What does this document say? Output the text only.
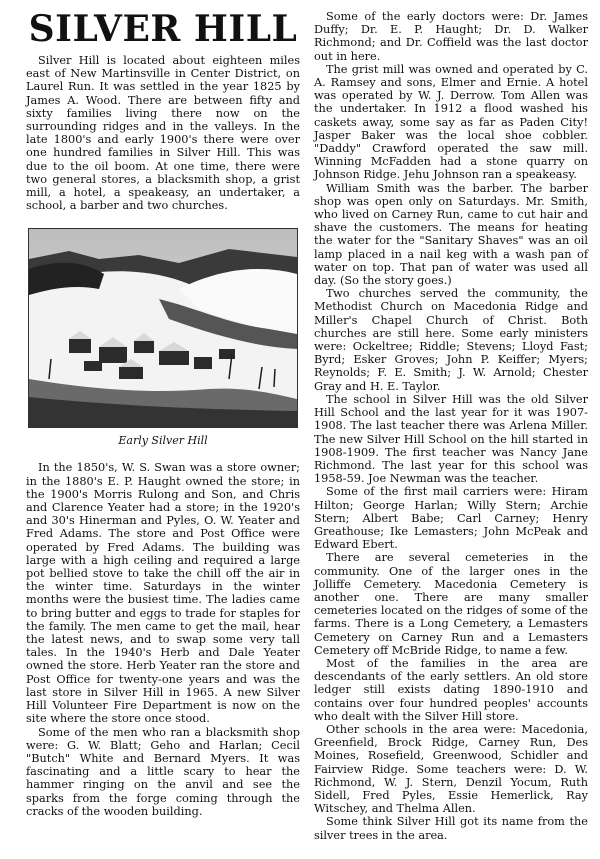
SILVER HILL

Silver Hill is located about eighteen miles east of New Martinsville in Center District, on Laurel Run. It was settled in the year 1825 by James A. Wood. There are between fifty and sixty families living there now on the surrounding ridges and in the valleys. In the late 1800's and early 1900's there were over one hundred families in Silver Hill. This was due to the oil boom. At one time, there were two general stores, a blacksmith shop, a grist mill, a hotel, a speakeasy, an undertaker, a school, a barber and two churches.

Early Silver Hill

In the 1850's, W. S. Swan was a store owner; in the 1880's E. P. Haught owned the store; in the 1900's Morris Rulong and Son, and Chris and Clarence Yeater had a store; in the 1920's and 30's Hinerman and Pyles, O. W. Yeater and Fred Adams. The store and Post Office were operated by Fred Adams. The building was large with a high ceiling and required a large pot bellied stove to take the chill off the air in the winter time. Saturdays in the winter months were the busiest time. The ladies came to bring butter and eggs to trade for staples for the family. The men came to get the mail, hear the latest news, and to swap some very tall tales. In the 1940's Herb and Dale Yeater owned the store. Herb Yeater ran the store and Post Office for twenty-one years and was the last store in Silver Hill in 1965. A new Silver Hill Volunteer Fire Department is now on the site where the store once stood.

Some of the men who ran a blacksmith shop were: G. W. Blatt; Geho and Harlan; Cecil "Butch" White and Bernard Myers. It was fascinating and a little scary to hear the hammer ringing on the anvil and see the sparks from the forge coming through the cracks of the wooden building.

Some of the early doctors were: Dr. James Duffy; Dr. E. P. Haught; Dr. D. Walker Richmond; and Dr. Coffield was the last doctor out in here.

The grist mill was owned and operated by C. A. Ramsey and sons, Elmer and Ernie. A hotel was operated by W. J. Derrow. Tom Allen was the undertaker. In 1912 a flood washed his caskets away, some say as far as Paden City! Jasper Baker was the local shoe cobbler. "Daddy" Crawford operated the saw mill. Winning McFadden had a stone quarry on Johnson Ridge. Jehu Johnson ran a speakeasy.

William Smith was the barber. The barber shop was open only on Saturdays. Mr. Smith, who lived on Carney Run, came to cut hair and shave the customers. The means for heating the water for the "Sanitary Shaves" was an oil lamp placed in a nail keg with a wash pan of water on top. That pan of water was used all day. (So the story goes.)

Two churches served the community, the Methodist Church on Macedonia Ridge and Miller's Chapel Church of Christ. Both churches are still here. Some early ministers were: Ockeltree; Riddle; Stevens; Lloyd Fast; Byrd; Esker Groves; John P. Keiffer; Myers; Reynolds; F. E. Smith; J. W. Arnold; Chester Gray and H. E. Taylor.

The school in Silver Hill was the old Silver Hill School and the last year for it was 1907-1908. The last teacher there was Arlena Miller. The new Silver Hill School on the hill started in 1908-1909. The first teacher was Nancy Jane Richmond. The last year for this school was 1958-59. Joe Newman was the teacher.

Some of the first mail carriers were: Hiram Hilton; George Harlan; Willy Stern; Archie Stern; Albert Babe; Carl Carney; Henry Greathouse; Ike Lemasters; John McPeak and Edward Ebert.

There are several cemeteries in the community. One of the larger ones in the Jolliffe Cemetery. Macedonia Cemetery is another one. There are many smaller cemeteries located on the ridges of some of the farms. There is a Long Cemetery, a Lemasters Cemetery on Carney Run and a Lemasters Cemetery off McBride Ridge, to name a few.

Most of the families in the area are descendants of the early settlers. An old store ledger still exists dating 1890-1910 and contains over four hundred peoples' accounts who dealt with the Silver Hill store.

Other schools in the area were: Macedonia, Greenfield, Brock Ridge, Carney Run, Des Moines, Rosefield, Greenwood, Schidler and Fairview Ridge. Some teachers were: D. W. Richmond, W. J. Stern, Denzil Yocum, Ruth Sidell, Fred Pyles, Essie Hemerlick, Ray Witschey, and Thelma Allen.

Some think Silver Hill got its name from the silver trees in the area.
